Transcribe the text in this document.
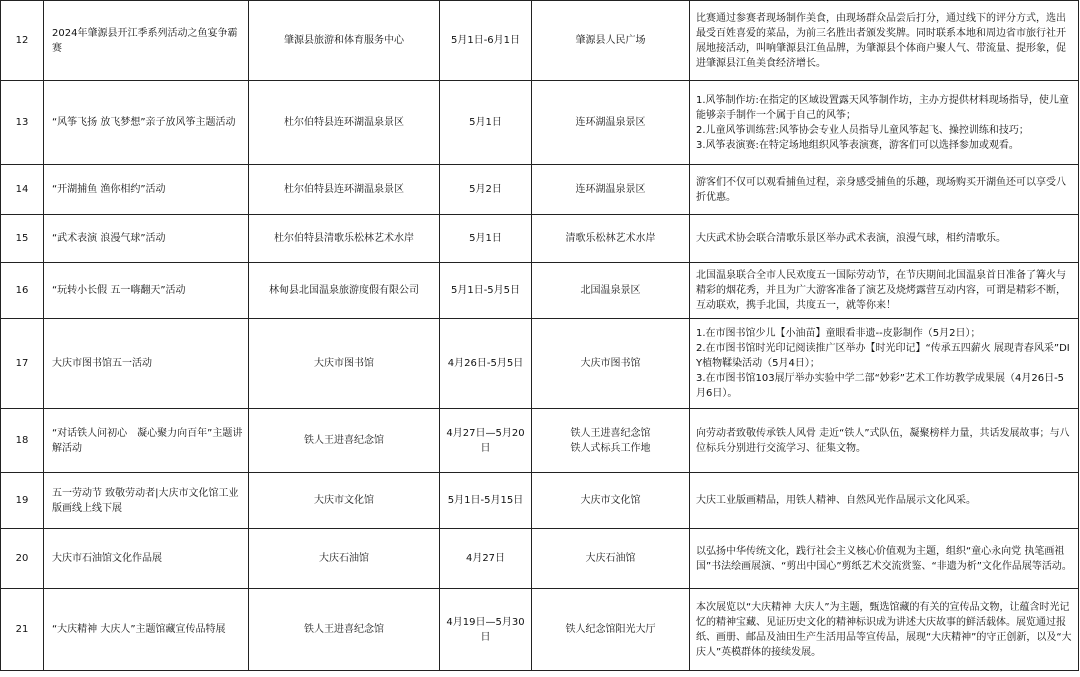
12	2024年肇源县开江季系列活动之鱼宴争霸赛	肇源县旅游和体育服务中心	5月1日-6月1日	肇源县人民广场	比赛通过参赛者现场制作美食，由现场群众品尝后打分，通过线下的评分方式，选出最受百姓喜爱的菜品，为前三名胜出者颁发奖牌。同时联系本地和周边省市旅行社开展地接活动，叫响肇源县江鱼品牌，为肇源县个体商户聚人气、带流量、提形象，促进肇源县江鱼美食经济增长。
13	“风筝飞扬 放飞梦想”亲子放风筝主题活动	杜尔伯特县连环湖温泉景区	5月1日	连环湖温泉景区	1.风筝制作坊:在指定的区域设置露天风筝制作坊，主办方提供材料现场指导，使儿童能够亲手制作一个属于自己的风筝；
2.儿童风筝训练营:风筝协会专业人员指导儿童风筝起飞、操控训练和技巧；
3.风筝表演赛:在特定场地组织风筝表演赛，游客们可以选择参加或观看。

14	“开湖捕鱼 渔你相约”活动	杜尔伯特县连环湖温泉景区	5月2日	连环湖温泉景区	游客们不仅可以观看捕鱼过程，亲身感受捕鱼的乐趣，现场购买开湖鱼还可以享受八折优惠。
15	“武术表演 浪漫气球”活动	杜尔伯特县清歌乐松林艺术水岸	5月1日	清歌乐松林艺术水岸	大庆武术协会联合清歌乐景区举办武术表演，浪漫气球，相约清歌乐。
16	“玩转小长假 五一嗨翻天”活动	林甸县北国温泉旅游度假有限公司	5月1日-5月5日	北国温泉景区	北国温泉联合全市人民欢度五一国际劳动节，在节庆期间北国温泉首日准备了篝火与精彩的烟花秀，并且为广大游客准备了演艺及烧烤露营互动内容，可谓是精彩不断，互动联欢，携手北国，共度五一，就等你来！
17	大庆市图书馆五一活动	大庆市图书馆	4月26日-5月5日	大庆市图书馆	1.在市图书馆少儿【小油苗】童眼看非遗--皮影制作（5月2日）；
2.在市图书馆时光印记阅读推广区举办【时光印记】“传承五四薪火 展现青春风采”DIY植物鞣染活动（5月4日）；
3.在市图书馆103展厅举办实验中学二部“妙彩”艺术工作坊教学成果展（4月26日-5月6日）。

18	“对话铁人问初心　凝心聚力向百年”主题讲解活动	铁人王进喜纪念馆	4月27日—5月20日	铁人王进喜纪念馆
铁人式标兵工作地	向劳动者致敬传承铁人风骨 走近“铁人”式队伍，凝聚榜样力量，共话发展故事；与八位标兵分别进行交流学习、征集文物。
19	五一劳动节 致敬劳动者|大庆市文化馆工业版画线上线下展	大庆市文化馆	5月1日-5月15日	大庆市文化馆	大庆工业版画精品，用铁人精神、自然风光作品展示文化风采。
20	大庆市石油馆文化作品展	大庆石油馆	4月27日	大庆石油馆	以弘扬中华传统文化，践行社会主义核心价值观为主题，组织“童心永向党 执笔画祖国”书法绘画展演、“剪出中国心”剪纸艺术交流赏鉴、“非遗为析”文化作品展等活动。
21	“大庆精神 大庆人”主题馆藏宣传品特展	铁人王进喜纪念馆	4月19日—5月30日	铁人纪念馆阳光大厅	本次展览以“大庆精神 大庆人”为主题，甄选馆藏的有关的宣传品文物，让蕴含时光记忆的精神宝藏、见证历史文化的精神标识成为讲述大庆故事的鲜活载体。展览通过报纸、画册、邮品及油田生产生活用品等宣传品，展现“大庆精神”的守正创新，以及“大庆人”英模群体的接续发展。
